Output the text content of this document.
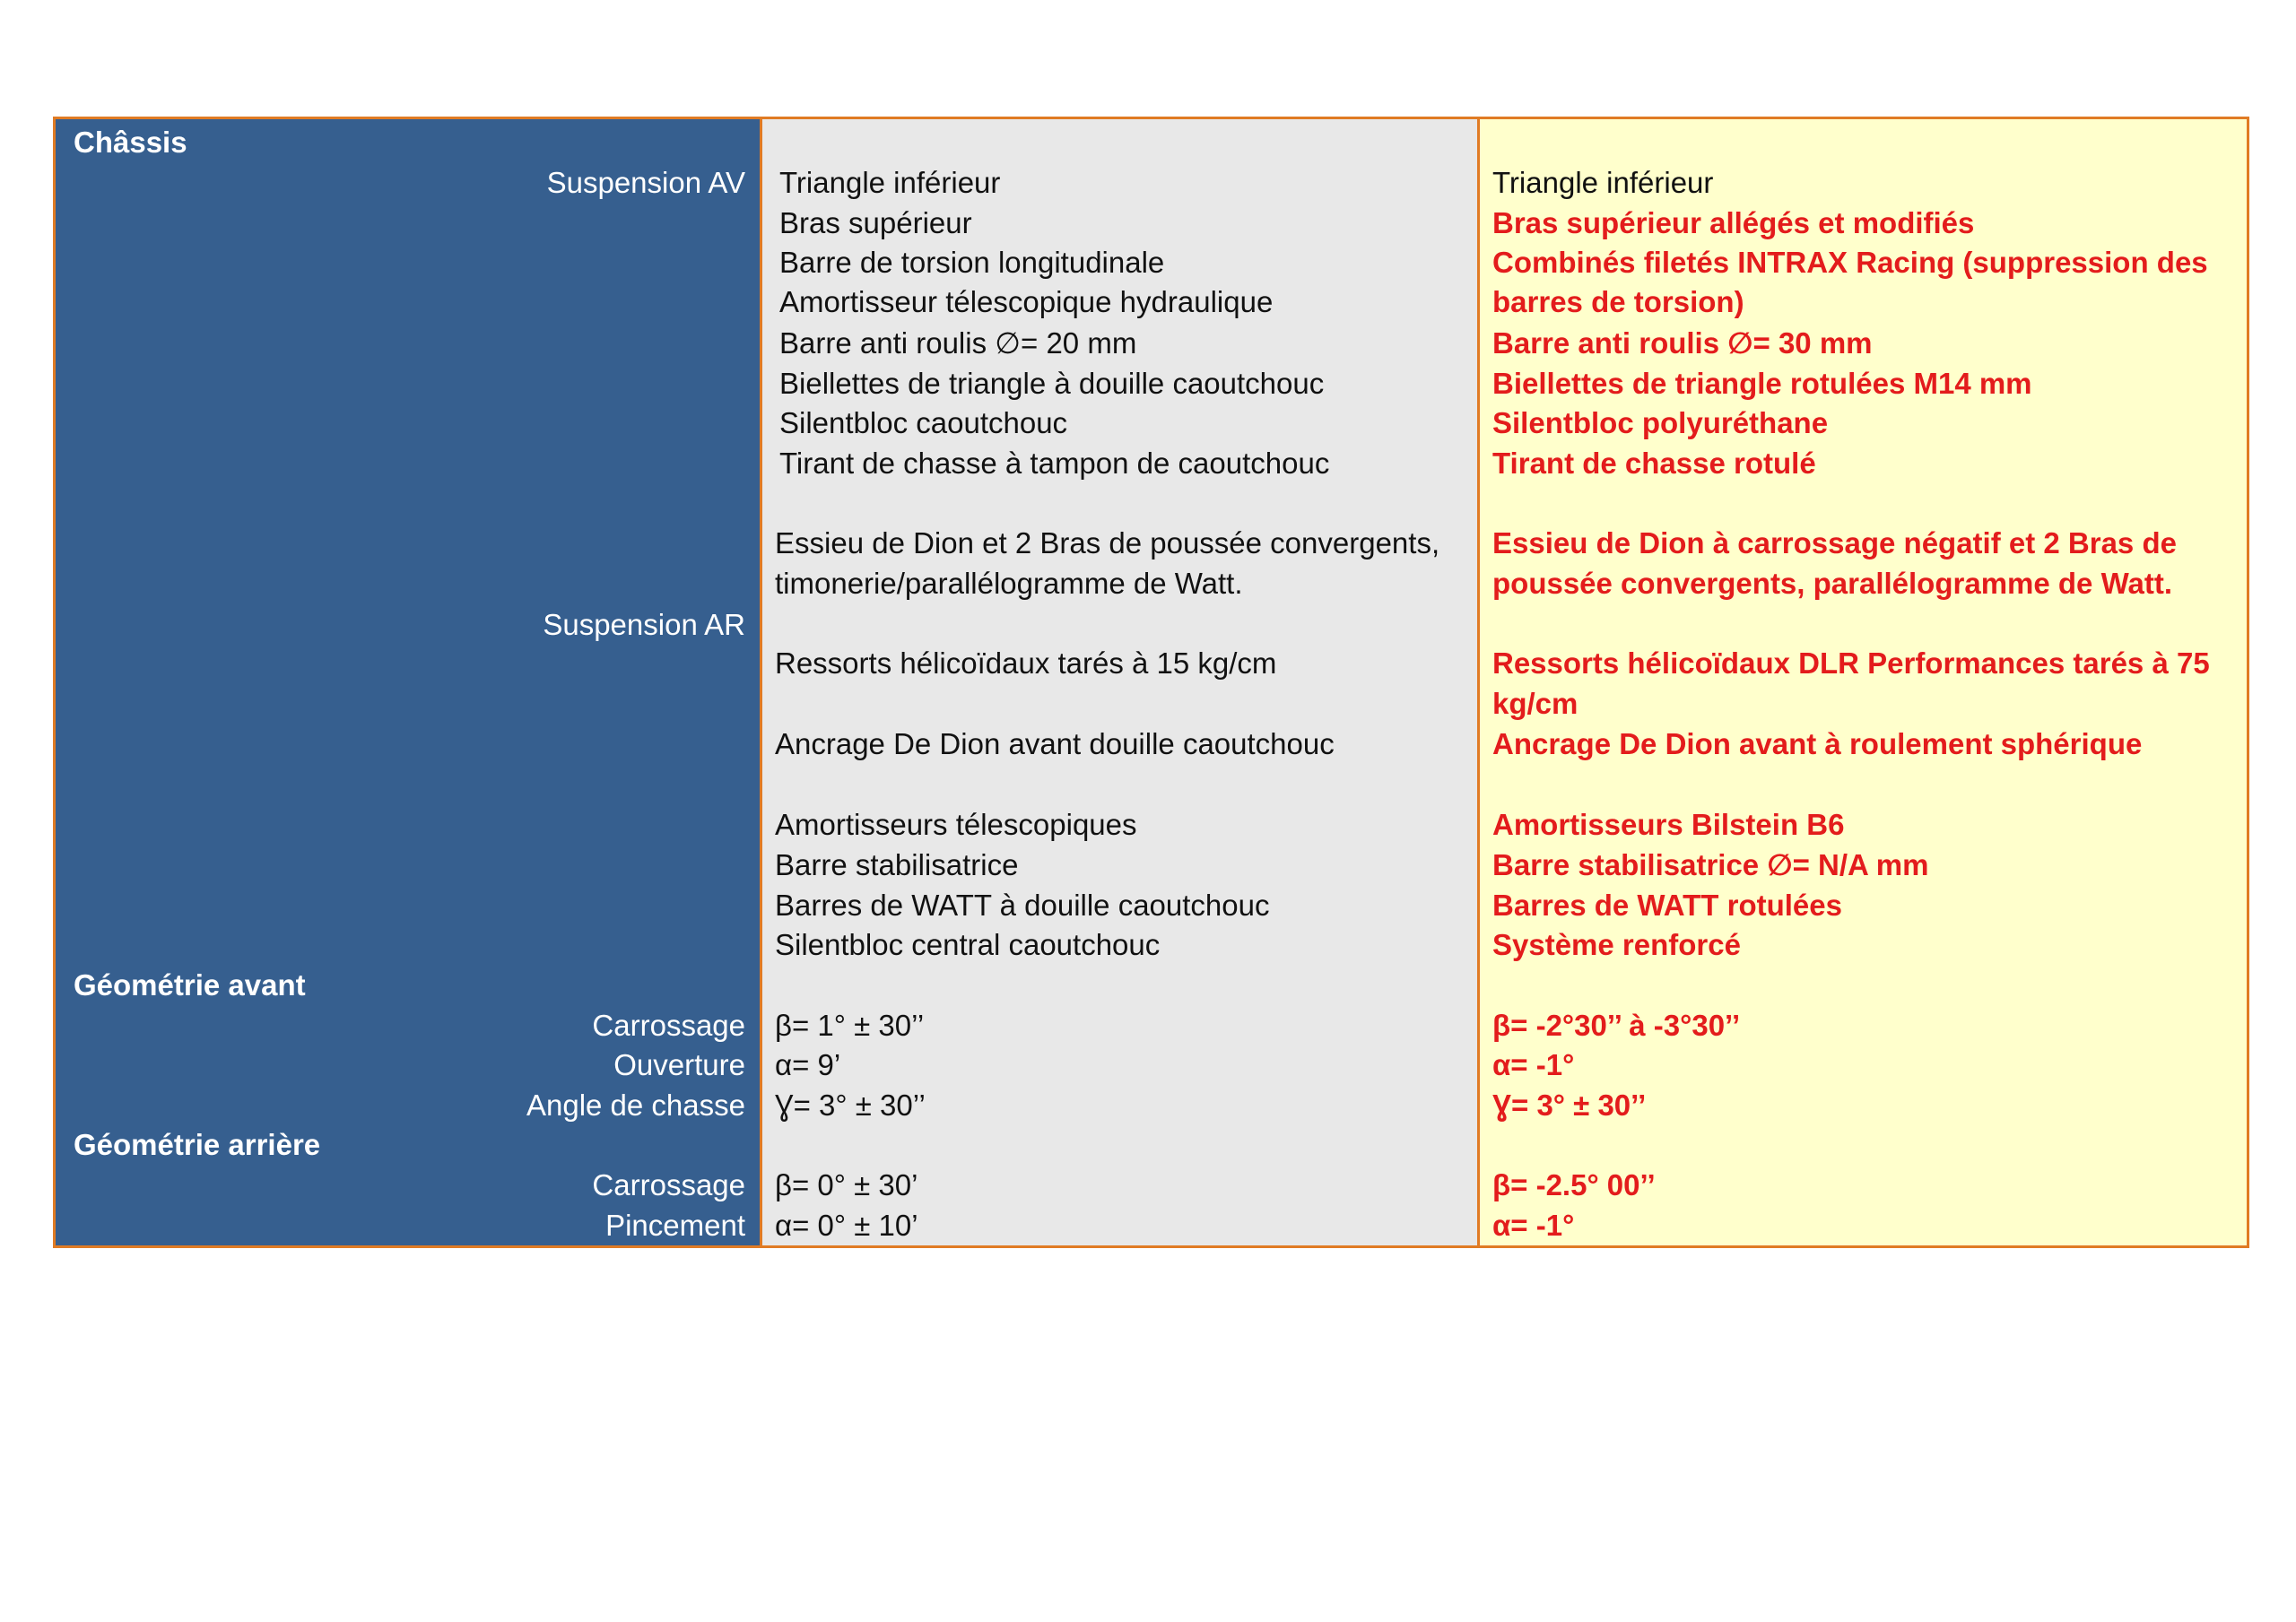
Châssis
Suspension AV
Suspension AR
Géométrie avant
Carrossage
Ouverture
Angle de chasse
Géométrie arrière
Carrossage
Pincement
Triangle inférieur
Bras supérieur
Barre de torsion longitudinale
Amortisseur télescopique hydraulique
Barre anti roulis ∅= 20 mm
Biellettes de triangle à douille caoutchouc
Silentbloc caoutchouc
Tirant de chasse à tampon de caoutchouc
Essieu de Dion et 2 Bras de poussée convergents,
timonerie/parallélogramme de Watt.
Ressorts hélicoïdaux tarés à 15 kg/cm
Ancrage De Dion avant douille caoutchouc
Amortisseurs télescopiques
Barre stabilisatrice
Barres de WATT à douille caoutchouc
Silentbloc central caoutchouc
β= 1° ± 30’’
α= 9’
Ɣ= 3° ± 30’’
β= 0° ± 30’
α= 0° ± 10’
Triangle inférieur
Bras supérieur allégés et modifiés
Combinés filetés INTRAX Racing (suppression des
barres de torsion)
Barre anti roulis ∅= 30 mm
Biellettes de triangle rotulées M14 mm
Silentbloc polyuréthane
Tirant de chasse rotulé
Essieu de Dion à carrossage négatif et 2 Bras de
poussée convergents, parallélogramme de Watt.
Ressorts hélicoïdaux DLR Performances tarés à 75
kg/cm
Ancrage De Dion avant à roulement sphérique
Amortisseurs Bilstein B6
Barre stabilisatrice ∅= N/A mm
Barres de WATT rotulées
Système renforcé
β= -2°30’’ à -3°30’’
α= -1°
Ɣ= 3° ± 30’’
β= -2.5° 00’’
α= -1°
